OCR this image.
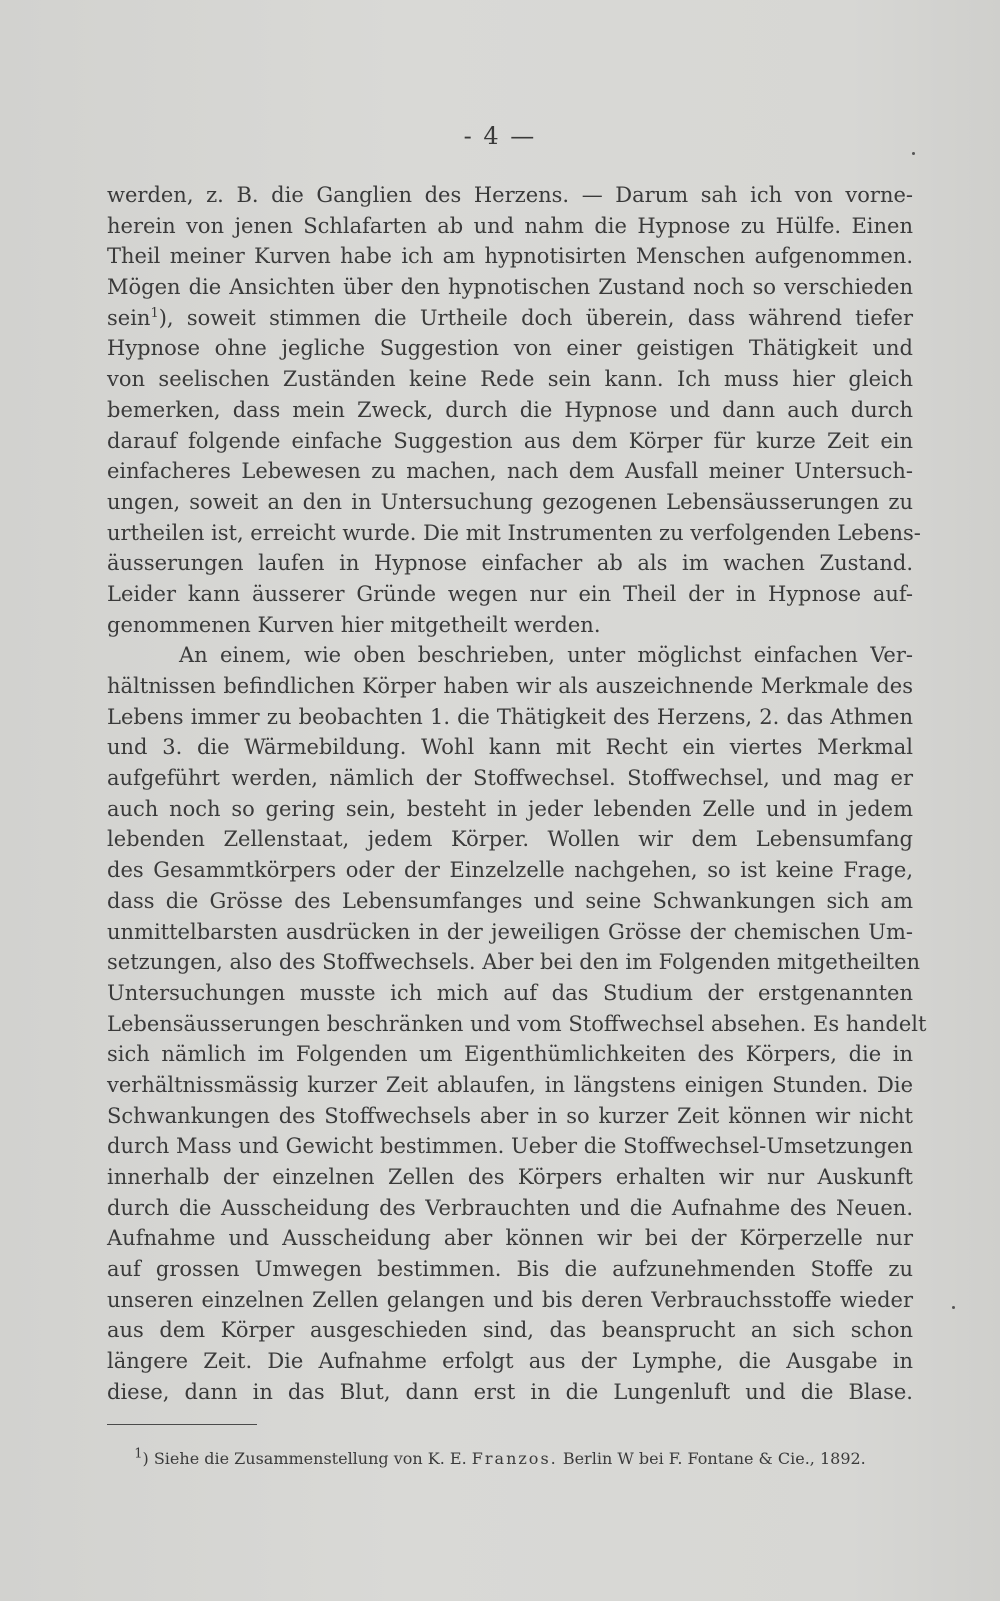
- 4 —
werden, z. B. die Ganglien des Herzens. — Darum sah ich von vorne-
herein von jenen Schlafarten ab und nahm die Hypnose zu Hülfe. Einen
Theil meiner Kurven habe ich am hypnotisirten Menschen aufgenommen.
Mögen die Ansichten über den hypnotischen Zustand noch so verschieden
sein$^1$), soweit stimmen die Urtheile doch überein, dass während tiefer
Hypnose ohne jegliche Suggestion von einer geistigen Thätigkeit und
von seelischen Zuständen keine Rede sein kann. Ich muss hier gleich
bemerken, dass mein Zweck, durch die Hypnose und dann auch durch
darauf folgende einfache Suggestion aus dem Körper für kurze Zeit ein
einfacheres Lebewesen zu machen, nach dem Ausfall meiner Untersuch-
ungen, soweit an den in Untersuchung gezogenen Lebensäusserungen zu
urtheilen ist, erreicht wurde. Die mit Instrumenten zu verfolgenden Lebens-
äusserungen laufen in Hypnose einfacher ab als im wachen Zustand.
Leider kann äusserer Gründe wegen nur ein Theil der in Hypnose auf-
genommenen Kurven hier mitgetheilt werden.
An einem, wie oben beschrieben, unter möglichst einfachen Ver-
hältnissen befindlichen Körper haben wir als auszeichnende Merkmale des
Lebens immer zu beobachten 1. die Thätigkeit des Herzens, 2. das Athmen
und 3. die Wärmebildung. Wohl kann mit Recht ein viertes Merkmal
aufgeführt werden, nämlich der Stoffwechsel. Stoffwechsel, und mag er
auch noch so gering sein, besteht in jeder lebenden Zelle und in jedem
lebenden Zellenstaat, jedem Körper. Wollen wir dem Lebensumfang
des Gesammtkörpers oder der Einzelzelle nachgehen, so ist keine Frage,
dass die Grösse des Lebensumfanges und seine Schwankungen sich am
unmittelbarsten ausdrücken in der jeweiligen Grösse der chemischen Um-
setzungen, also des Stoffwechsels. Aber bei den im Folgenden mitgetheilten
Untersuchungen musste ich mich auf das Studium der erstgenannten
Lebensäusserungen beschränken und vom Stoffwechsel absehen. Es handelt
sich nämlich im Folgenden um Eigenthümlichkeiten des Körpers, die in
verhältnissmässig kurzer Zeit ablaufen, in längstens einigen Stunden. Die
Schwankungen des Stoffwechsels aber in so kurzer Zeit können wir nicht
durch Mass und Gewicht bestimmen. Ueber die Stoffwechsel-Umsetzungen
innerhalb der einzelnen Zellen des Körpers erhalten wir nur Auskunft
durch die Ausscheidung des Verbrauchten und die Aufnahme des Neuen.
Aufnahme und Ausscheidung aber können wir bei der Körperzelle nur
auf grossen Umwegen bestimmen. Bis die aufzunehmenden Stoffe zu
unseren einzelnen Zellen gelangen und bis deren Verbrauchsstoffe wieder
aus dem Körper ausgeschieden sind, das beansprucht an sich schon
längere Zeit. Die Aufnahme erfolgt aus der Lymphe, die Ausgabe in
diese, dann in das Blut, dann erst in die Lungenluft und die Blase.
$^1$) Siehe die Zusammenstellung von K. E. Franzos. Berlin W bei F. Fontane & Cie., 1892.
